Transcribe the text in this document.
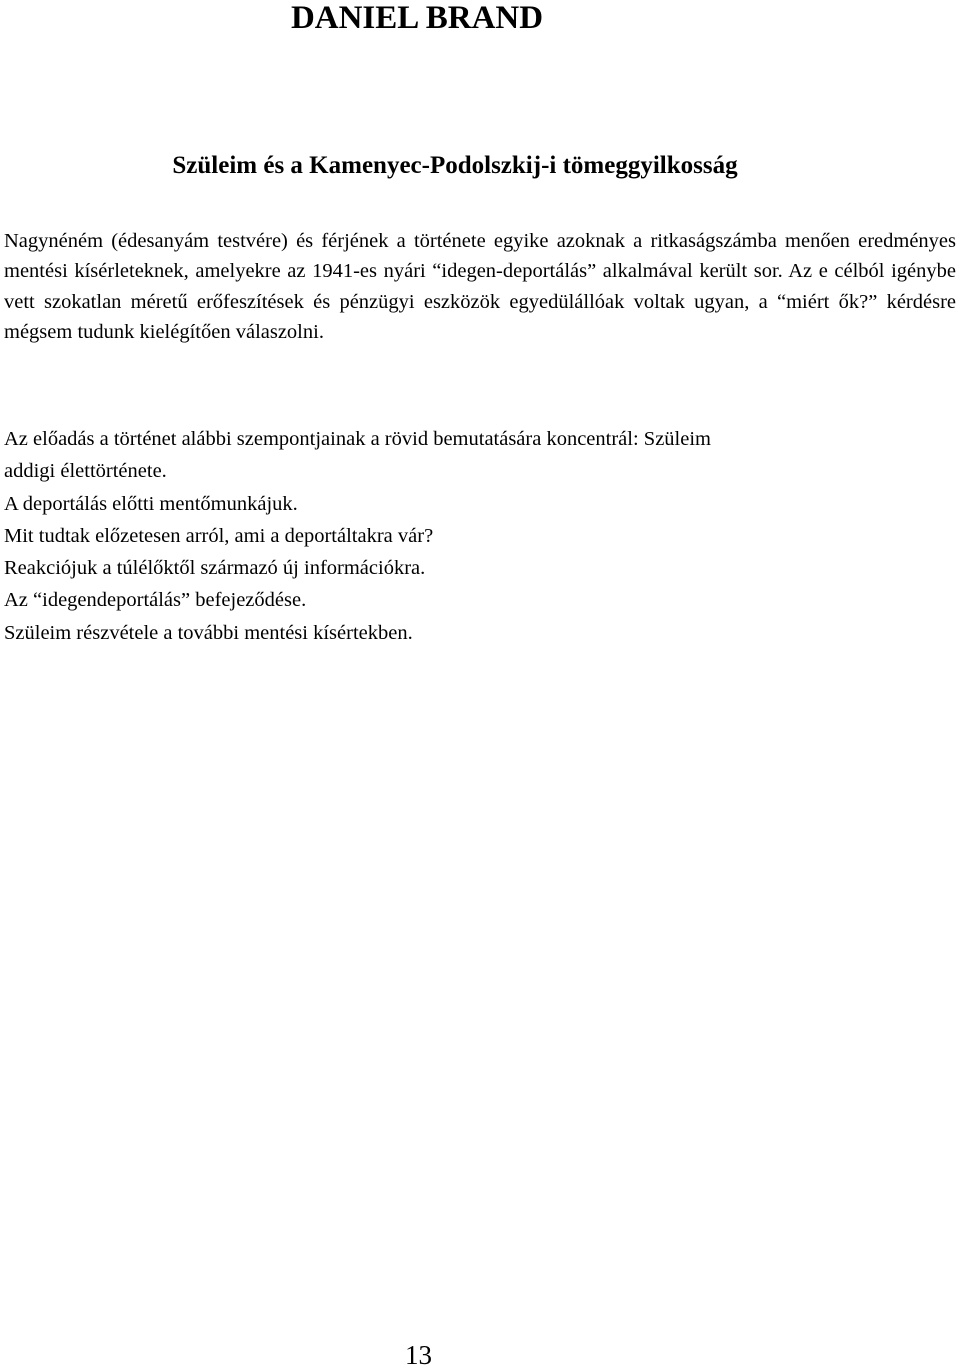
DANIEL BRAND
Szüleim és a Kamenyec-Podolszkij-i tömeggyilkosság

Nagynéném (édesanyám testvére) és férjének a története egyike azoknak a ritkaságszámba menően eredményes mentési kísérleteknek, amelyekre az 1941-es nyári “idegen-deportálás” alkalmával került sor. Az e célból igénybe vett szokatlan méretű erőfeszítések és pénzügyi eszközök egyedülállóak voltak ugyan, a “miért ők?” kérdésre mégsem tudunk kielégítően válaszolni.

Az előadás a történet alábbi szempontjainak a rövid bemutatására koncentrál: Szüleim
addigi élettörténete.
A deportálás előtti mentőmunkájuk.
Mit tudtak előzetesen arról, ami a deportáltakra vár?
Reakciójuk a túlélőktől származó új információkra.
Az “idegendeportálás” befejeződése.
Szüleim részvétele a további mentési kísértekben.
13
